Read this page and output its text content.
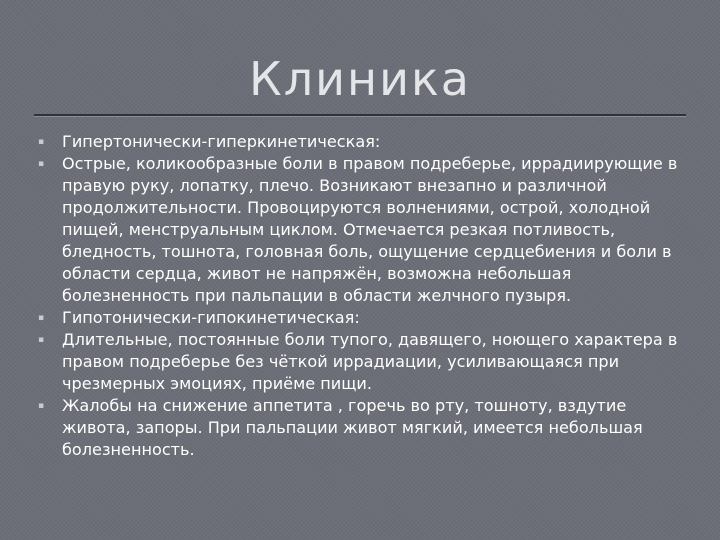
Клиника
▪ Гипертонически-гиперкинетическая:
▪ Острые, коликообразные боли в правом подреберье, иррадиирующие в правую руку, лопатку, плечо. Возникают внезапно и различной продолжительности. Провоцируются волнениями, острой, холодной пищей, менструальным циклом. Отмечается резкая потливость, бледность, тошнота, головная боль, ощущение сердцебиения и боли в области сердца, живот не напряжён, возможна небольшая болезненность при пальпации в области желчного пузыря.
▪ Гипотонически-гипокинетическая:
▪ Длительные, постоянные боли тупого, давящего, ноющего характера в правом подреберье без чёткой иррадиации, усиливающаяся при чрезмерных эмоциях, приёме пищи.
▪ Жалобы на снижение аппетита , горечь во рту, тошноту, вздутие живота, запоры. При пальпации живот мягкий, имеется небольшая болезненность.
